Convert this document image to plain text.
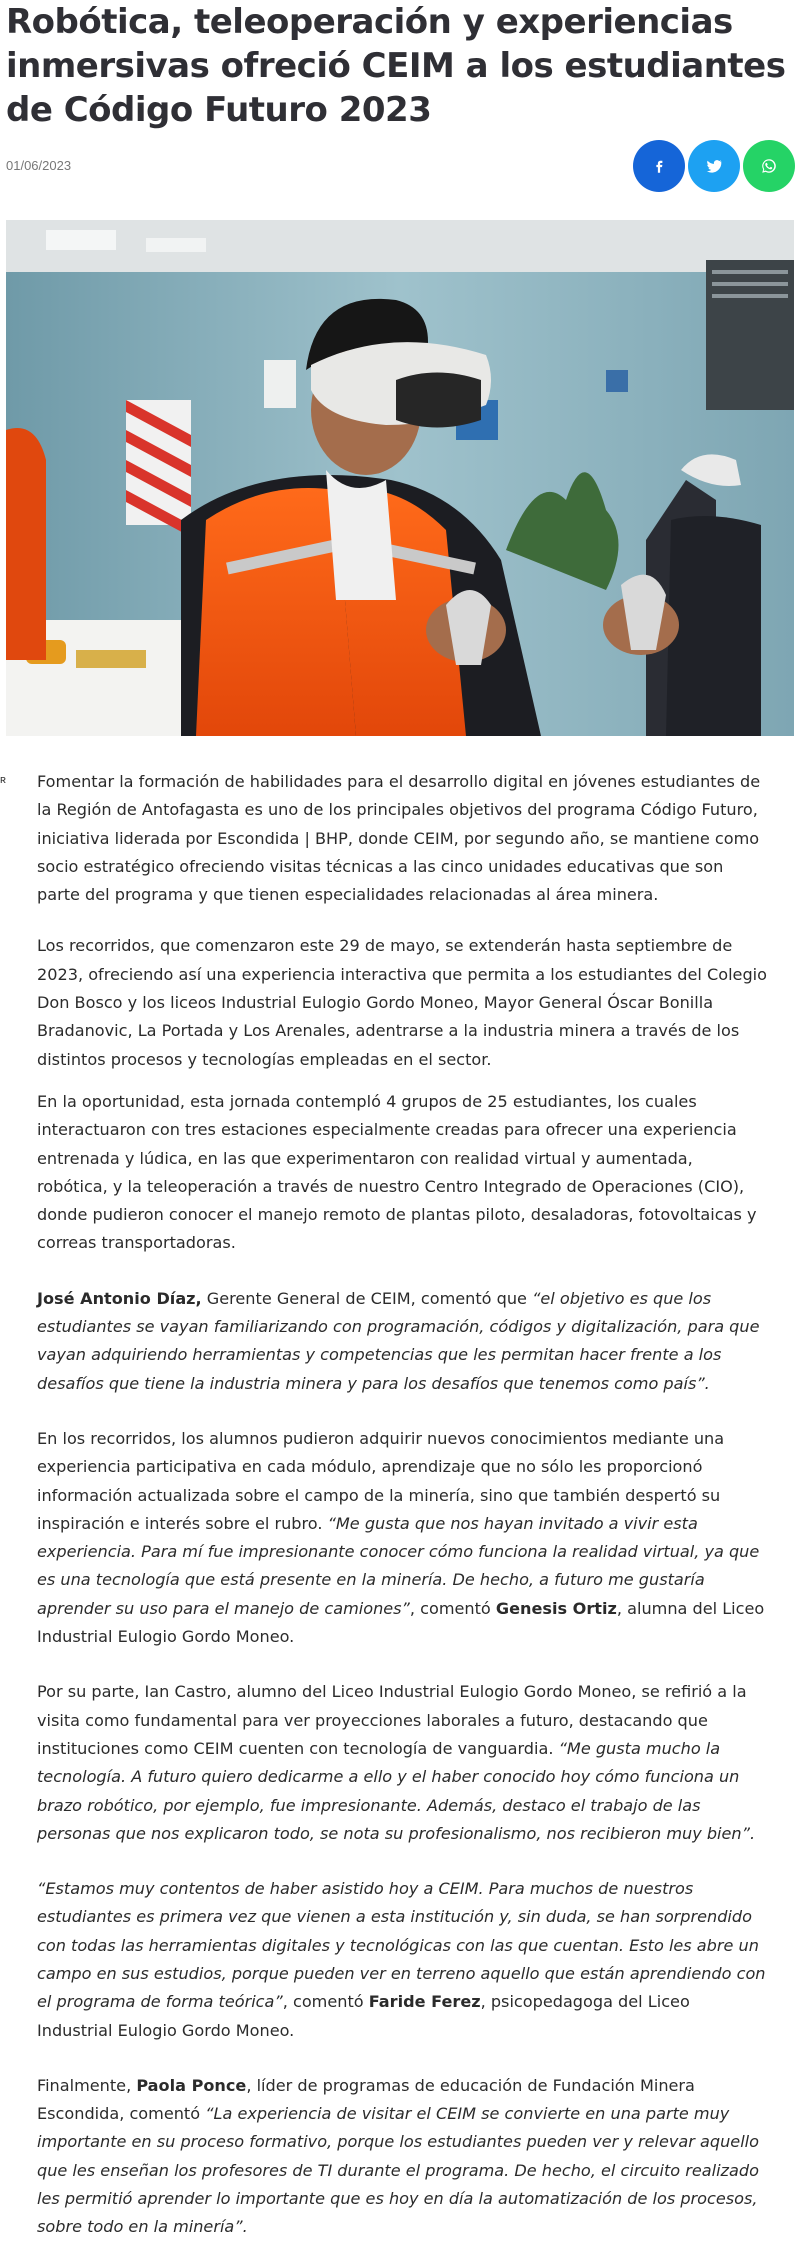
Robótica, teleoperación y experiencias inmersivas ofreció CEIM a los estudiantes de Código Futuro 2023
01/06/2023
ʀ Fomentar la formación de habilidades para el desarrollo digital en jóvenes estudiantes de la Región de Antofagasta es uno de los principales objetivos del programa Código Futuro, iniciativa liderada por Escondida | BHP, donde CEIM, por segundo año, se mantiene como socio estratégico ofreciendo visitas técnicas a las cinco unidades educativas que son parte del programa y que tienen especialidades relacionadas al área minera.

Los recorridos, que comenzaron este 29 de mayo, se extenderán hasta septiembre de 2023, ofreciendo así una experiencia interactiva que permita a los estudiantes del Colegio Don Bosco y los liceos Industrial Eulogio Gordo Moneo, Mayor General Óscar Bonilla Bradanovic, La Portada y Los Arenales, adentrarse a la industria minera a través de los distintos procesos y tecnologías empleadas en el sector.

En la oportunidad, esta jornada contempló 4 grupos de 25 estudiantes, los cuales interactuaron con tres estaciones especialmente creadas para ofrecer una experiencia entrenada y lúdica, en las que experimentaron con realidad virtual y aumentada, robótica, y la teleoperación a través de nuestro Centro Integrado de Operaciones (CIO), donde pudieron conocer el manejo remoto de plantas piloto, desaladoras, fotovoltaicas y correas transportadoras.

José Antonio Díaz, Gerente General de CEIM, comentó que “el objetivo es que los estudiantes se vayan familiarizando con programación, códigos y digitalización, para que vayan adquiriendo herramientas y competencias que les permitan hacer frente a los desafíos que tiene la industria minera y para los desafíos que tenemos como país”.

En los recorridos, los alumnos pudieron adquirir nuevos conocimientos mediante una experiencia participativa en cada módulo, aprendizaje que no sólo les proporcionó información actualizada sobre el campo de la minería, sino que también despertó su inspiración e interés sobre el rubro. “Me gusta que nos hayan invitado a vivir esta experiencia. Para mí fue impresionante conocer cómo funciona la realidad virtual, ya que es una tecnología que está presente en la minería. De hecho, a futuro me gustaría aprender su uso para el manejo de camiones”, comentó Genesis Ortiz, alumna del Liceo Industrial Eulogio Gordo Moneo.

Por su parte, Ian Castro, alumno del Liceo Industrial Eulogio Gordo Moneo, se refirió a la visita como fundamental para ver proyecciones laborales a futuro, destacando que instituciones como CEIM cuenten con tecnología de vanguardia. “Me gusta mucho la tecnología. A futuro quiero dedicarme a ello y el haber conocido hoy cómo funciona un brazo robótico, por ejemplo, fue impresionante. Además, destaco el trabajo de las personas que nos explicaron todo, se nota su profesionalismo, nos recibieron muy bien”.

“Estamos muy contentos de haber asistido hoy a CEIM. Para muchos de nuestros estudiantes es primera vez que vienen a esta institución y, sin duda, se han sorprendido con todas las herramientas digitales y tecnológicas con las que cuentan. Esto les abre un campo en sus estudios, porque pueden ver en terreno aquello que están aprendiendo con el programa de forma teórica”, comentó Faride Ferez, psicopedagoga del Liceo Industrial Eulogio Gordo Moneo.

Finalmente, Paola Ponce, líder de programas de educación de Fundación Minera Escondida, comentó “La experiencia de visitar el CEIM se convierte en una parte muy importante en su proceso formativo, porque los estudiantes pueden ver y relevar aquello que les enseñan los profesores de TI durante el programa. De hecho, el circuito realizado les permitió aprender lo importante que es hoy en día la automatización de los procesos, sobre todo en la minería”.
